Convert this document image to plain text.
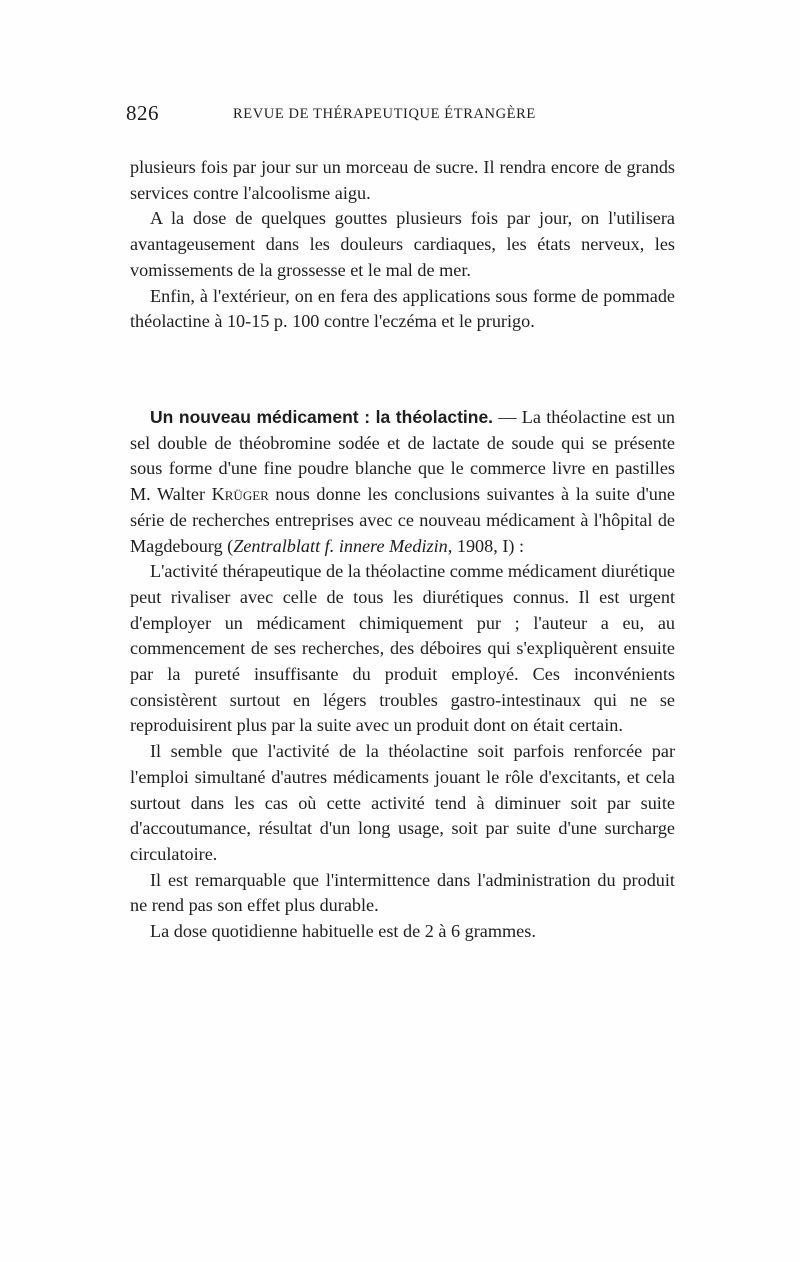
826	REVUE DE THÉRAPEUTIQUE ÉTRANGÈRE

plusieurs fois par jour sur un morceau de sucre. Il rendra encore de grands services contre l'alcoolisme aigu.

A la dose de quelques gouttes plusieurs fois par jour, on l'utilisera avantageusement dans les douleurs cardiaques, les états nerveux, les vomissements de la grossesse et le mal de mer.

Enfin, à l'extérieur, on en fera des applications sous forme de pommade théolactine à 10-15 p. 100 contre l'eczéma et le prurigo.

Un nouveau médicament : la théolactine. — La théolactine est un sel double de théobromine sodée et de lactate de soude qui se présente sous forme d'une fine poudre blanche que le commerce livre en pastilles M. Walter Krüger nous donne les conclusions suivantes à la suite d'une série de recherches entreprises avec ce nouveau médicament à l'hôpital de Magdebourg (Zentralblatt f. innere Medizin, 1908, I) :

L'activité thérapeutique de la théolactine comme médicament diurétique peut rivaliser avec celle de tous les diurétiques connus. Il est urgent d'employer un médicament chimiquement pur ; l'auteur a eu, au commencement de ses recherches, des déboires qui s'expliquèrent ensuite par la pureté insuffisante du produit employé. Ces inconvénients consistèrent surtout en légers troubles gastro-intestinaux qui ne se reproduisirent plus par la suite avec un produit dont on était certain.

Il semble que l'activité de la théolactine soit parfois renforcée par l'emploi simultané d'autres médicaments jouant le rôle d'excitants, et cela surtout dans les cas où cette activité tend à diminuer soit par suite d'accoutumance, résultat d'un long usage, soit par suite d'une surcharge circulatoire.

Il est remarquable que l'intermittence dans l'administration du produit ne rend pas son effet plus durable.

La dose quotidienne habituelle est de 2 à 6 grammes.
